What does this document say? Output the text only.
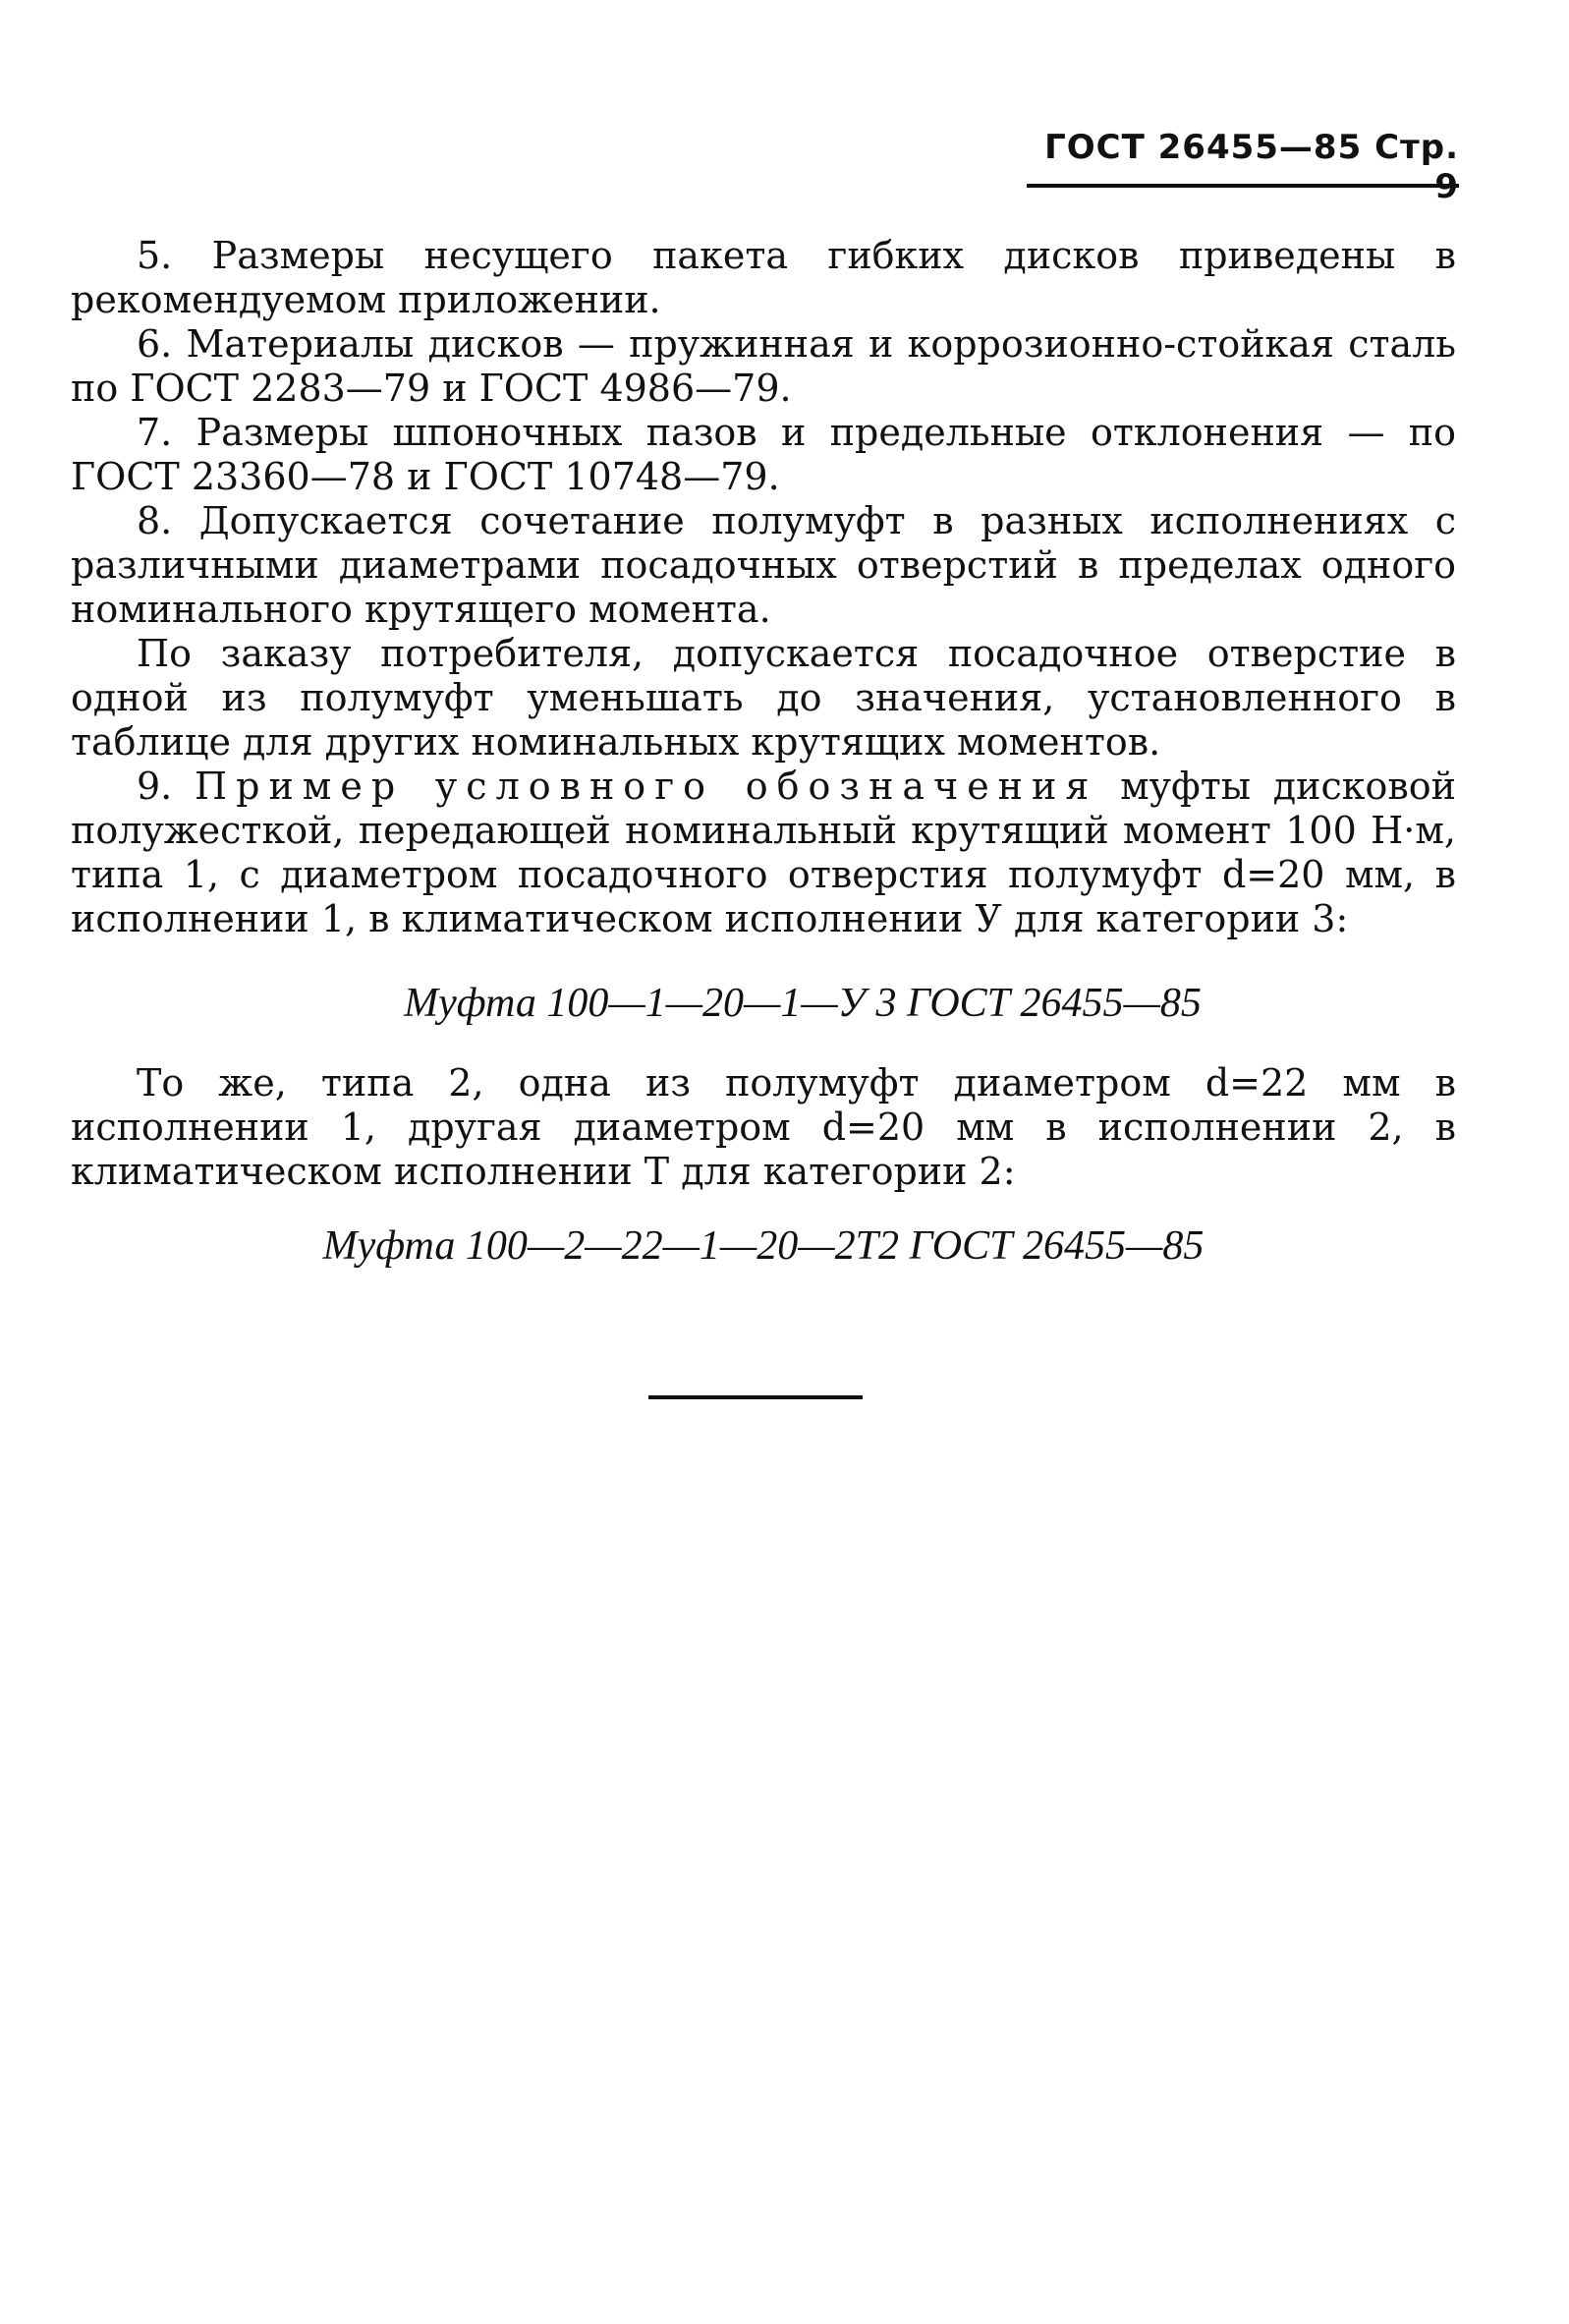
ГОСТ 26455—85 Стр.

5. Размеры несущего пакета гибких дисков приведены в рекомендуемом приложении.

6. Материалы дисков — пружинная и коррозионно-стойкая сталь по ГОСТ 2283—79 и ГОСТ 4986—79.

7. Размеры шпоночных пазов и предельные отклонения — по ГОСТ 23360—78 и ГОСТ 10748—79.

8. Допускается сочетание полумуфт в разных исполнениях с различными диаметрами посадочных отверстий в пределах одного номинального крутящего момента.

По заказу потребителя, допускается посадочное отверстие в одной из полумуфт уменьшать до значения, установленного в таблице для других номинальных крутящих моментов.

9. Пример условного обозначения муфты дисковой полужесткой, передающей номинальный крутящий момент 100 Н·м, типа 1, с диаметром посадочного отверстия полумуфт d=20 мм, в исполнении 1, в климатическом исполнении У для категории 3:

Муфта 100—1—20—1—У 3 ГОСТ 26455—85

То же, типа 2, одна из полумуфт диаметром d=22 мм в исполнении 1, другая диаметром d=20 мм в исполнении 2, в климатическом исполнении Т для категории 2:

Муфта 100—2—22—1—20—2Т2 ГОСТ 26455—85
